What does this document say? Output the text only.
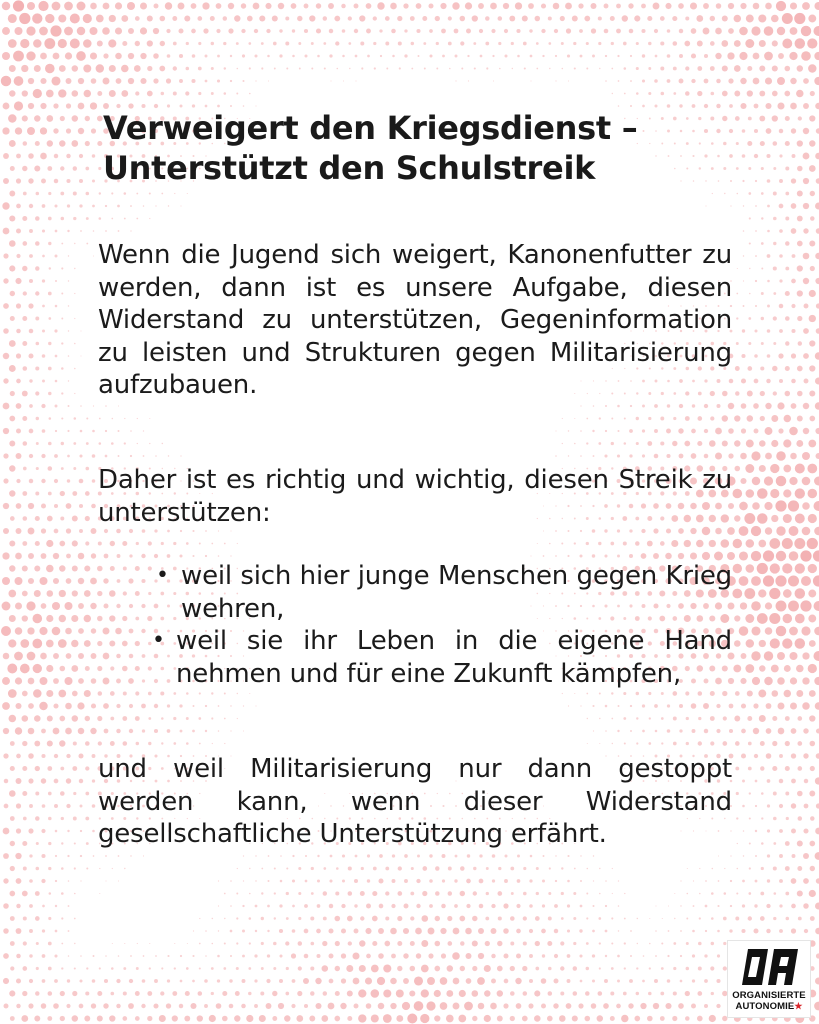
Verweigert den Kriegsdienst –
Unterstützt den Schulstreik

Wenn die Jugend sich weigert, Kanonenfutter zu werden, dann ist es unsere Aufgabe, diesen Widerstand zu unterstützen, Gegeninformation zu leisten und Strukturen gegen Militarisierung aufzubauen.

Daher ist es richtig und wichtig, diesen Streik zu unterstützen:

• weil sich hier junge Menschen gegen Krieg wehren,
• weil sie ihr Leben in die eigene Hand nehmen und für eine Zukunft kämpfen,

und weil Militarisierung nur dann gestoppt werden kann, wenn dieser Widerstand gesellschaftliche Unterstützung erfährt.

ORGANISIERTE
AUTONOMIE★
